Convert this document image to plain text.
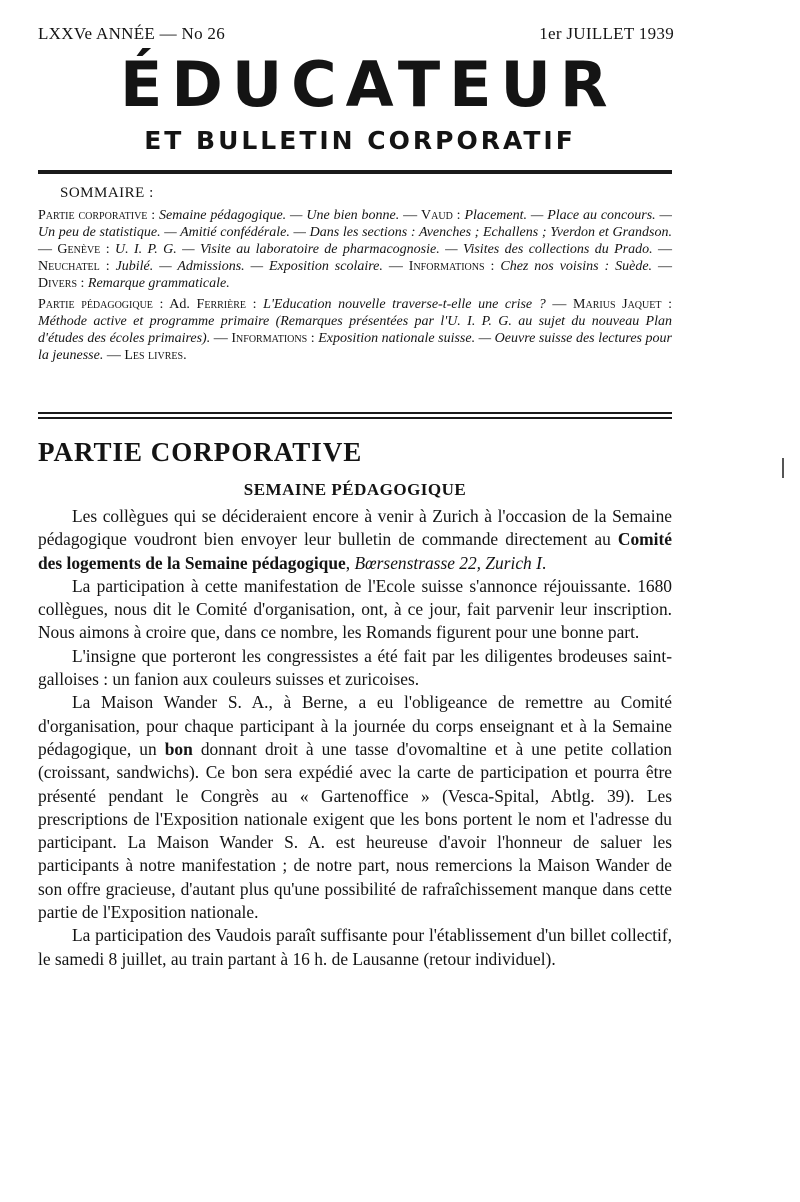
LXXVe ANNÉE — No 26	1er JUILLET 1939
ÉDUCATEUR
ET BULLETIN CORPORATIF
SOMMAIRE :

Partie corporative : Semaine pédagogique. — Une bien bonne. — Vaud : Placement. — Place au concours. — Un peu de statistique. — Amitié confédérale. — Dans les sections : Avenches ; Echallens ; Yverdon et Grandson. — Genève : U. I. P. G. — Visite au laboratoire de pharmacognosie. — Visites des collections du Prado. — Neuchatel : Jubilé. — Admissions. — Exposition scolaire. — Informations : Chez nos voisins : Suède. — Divers : Remarque grammaticale.

Partie pédagogique : Ad. Ferrière : L'Education nouvelle traverse-t-elle une crise ? — Marius Jaquet : Méthode active et programme primaire (Remarques présentées par l'U. I. P. G. au sujet du nouveau Plan d'études des écoles primaires). — Informations : Exposition nationale suisse. — Oeuvre suisse des lectures pour la jeunesse. — Les livres.

PARTIE CORPORATIVE
SEMAINE PÉDAGOGIQUE

Les collègues qui se décideraient encore à venir à Zurich à l'occasion de la Semaine pédagogique voudront bien envoyer leur bulletin de commande directement au Comité des logements de la Semaine pédagogique, Bœrsenstrasse 22, Zurich I.

La participation à cette manifestation de l'Ecole suisse s'annonce réjouissante. 1680 collègues, nous dit le Comité d'organisation, ont, à ce jour, fait parvenir leur inscription. Nous aimons à croire que, dans ce nombre, les Romands figurent pour une bonne part.

L'insigne que porteront les congressistes a été fait par les diligentes brodeuses saint-galloises : un fanion aux couleurs suisses et zuricoises.

La Maison Wander S. A., à Berne, a eu l'obligeance de remettre au Comité d'organisation, pour chaque participant à la journée du corps enseignant et à la Semaine pédagogique, un bon donnant droit à une tasse d'ovomaltine et à une petite collation (croissant, sandwichs). Ce bon sera expédié avec la carte de participation et pourra être présenté pendant le Congrès au « Gartenoffice » (Vesca-Spital, Abtlg. 39). Les prescriptions de l'Exposition nationale exigent que les bons portent le nom et l'adresse du participant. La Maison Wander S. A. est heureuse d'avoir l'honneur de saluer les participants à notre manifestation ; de notre part, nous remercions la Maison Wander de son offre gracieuse, d'autant plus qu'une possibilité de rafraîchissement manque dans cette partie de l'Exposition nationale.

La participation des Vaudois paraît suffisante pour l'établissement d'un billet collectif, le samedi 8 juillet, au train partant à 16 h. de Lausanne (retour individuel).
